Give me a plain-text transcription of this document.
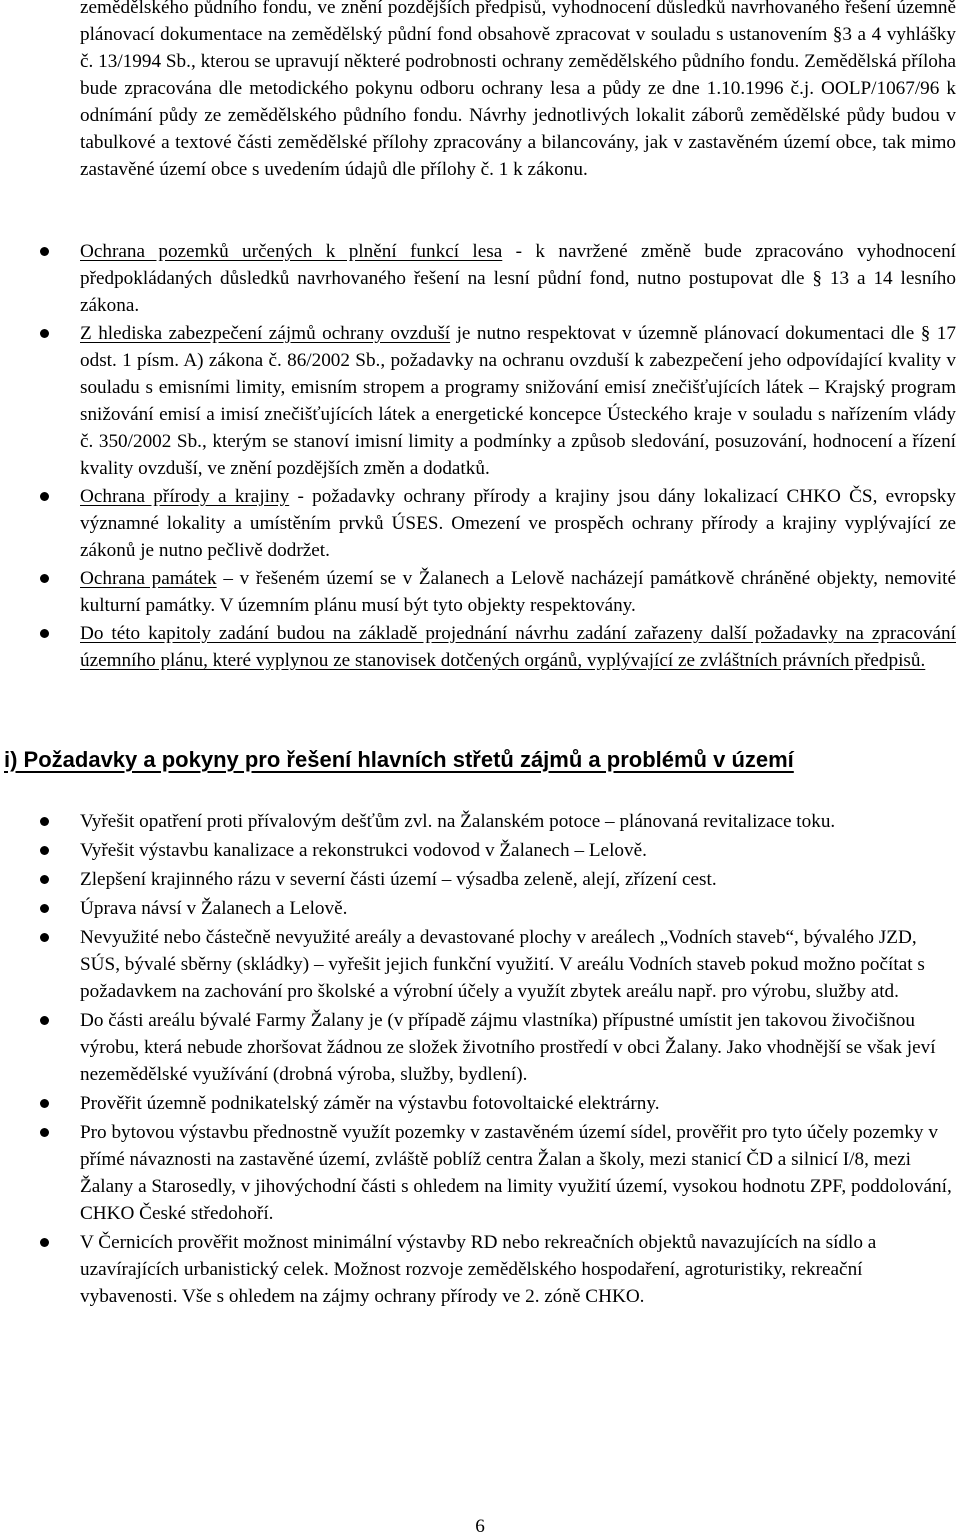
zemědělského půdního fondu, ve znění pozdějších předpisů, vyhodnocení důsledků navrhovaného řešení územně plánovací dokumentace na zemědělský půdní fond obsahově zpracovat v souladu s ustanovením §3 a 4 vyhlášky č. 13/1994 Sb., kterou se upravují některé podrobnosti ochrany zemědělského půdního fondu. Zemědělská příloha bude zpracována dle metodického pokynu odboru ochrany lesa a půdy ze dne 1.10.1996 č.j. OOLP/1067/96 k odnímání půdy ze zemědělského půdního fondu. Návrhy jednotlivých lokalit záborů zemědělské půdy budou v tabulkové a textové části zemědělské přílohy zpracovány a bilancovány, jak v zastavěném území obce, tak mimo zastavěné území obce s uvedením údajů dle přílohy č. 1 k zákonu.

Ochrana pozemků určených k plnění funkcí lesa - k navržené změně bude zpracováno vyhodnocení předpokládaných důsledků navrhovaného řešení na lesní půdní fond, nutno postupovat dle § 13 a 14 lesního zákona.
Z hlediska zabezpečení zájmů ochrany ovzduší je nutno respektovat v územně plánovací dokumentaci dle § 17 odst. 1 písm. A) zákona č. 86/2002 Sb., požadavky na ochranu ovzduší k zabezpečení jeho odpovídající kvality v souladu s emisními limity, emisním stropem a programy snižování emisí znečišťujících látek – Krajský program snižování emisí a imisí znečišťujících látek a energetické koncepce Ústeckého kraje v souladu s nařízením vlády č. 350/2002 Sb., kterým se stanoví imisní limity a podmínky a způsob sledování, posuzování, hodnocení a řízení kvality ovzduší, ve znění pozdějších změn a dodatků.
Ochrana přírody a krajiny - požadavky ochrany přírody a krajiny jsou dány lokalizací CHKO ČS, evropsky významné lokality a umístěním prvků ÚSES. Omezení ve prospěch ochrany přírody a krajiny vyplývající ze zákonů je nutno pečlivě dodržet.
Ochrana památek – v řešeném území se v Žalanech a Lelově nacházejí památkově chráněné objekty, nemovité kulturní památky. V územním plánu musí být tyto objekty respektovány.
Do této kapitoly zadání budou na základě projednání návrhu zadání zařazeny další požadavky na zpracování územního plánu, které vyplynou ze stanovisek dotčených orgánů, vyplývající ze zvláštních právních předpisů.
i) Požadavky a pokyny pro řešení hlavních střetů zájmů a problémů v území
Vyřešit opatření proti přívalovým dešťům zvl. na Žalanském potoce – plánovaná revitalizace toku.
Vyřešit výstavbu kanalizace a rekonstrukci vodovod v Žalanech – Lelově.
Zlepšení krajinného rázu v severní části území – výsadba zeleně, alejí, zřízení cest.
Úprava návsí v Žalanech a Lelově.
Nevyužité nebo částečně nevyužité areály a devastované plochy v areálech „Vodních staveb“, bývalého JZD, SÚS, bývalé sběrny (skládky) – vyřešit jejich funkční využití. V areálu Vodních staveb pokud možno počítat s požadavkem na zachování pro školské a výrobní účely a využít zbytek areálu např. pro výrobu, služby atd.
Do části areálu bývalé Farmy Žalany je (v případě zájmu vlastníka) přípustné umístit jen takovou živočišnou výrobu, která nebude zhoršovat žádnou ze složek životního prostředí v obci Žalany. Jako vhodnější se však jeví nezemědělské využívání (drobná výroba, služby, bydlení).
Prověřit územně podnikatelský záměr na výstavbu fotovoltaické elektrárny.
Pro bytovou výstavbu přednostně využít pozemky v zastavěném území sídel, prověřit pro tyto účely pozemky v přímé návaznosti na zastavěné území, zvláště poblíž centra Žalan a školy, mezi stanicí ČD a silnicí I/8, mezi Žalany a Starosedly, v jihovýchodní části s ohledem na limity využití území, vysokou hodnotu ZPF, poddolování, CHKO České středohoří.
V Černicích prověřit možnost minimální výstavby RD nebo rekreačních objektů navazujících na sídlo a uzavírajících urbanistický celek. Možnost rozvoje zemědělského hospodaření, agroturistiky, rekreační vybavenosti. Vše s ohledem na zájmy ochrany přírody ve 2. zóně CHKO.
6
